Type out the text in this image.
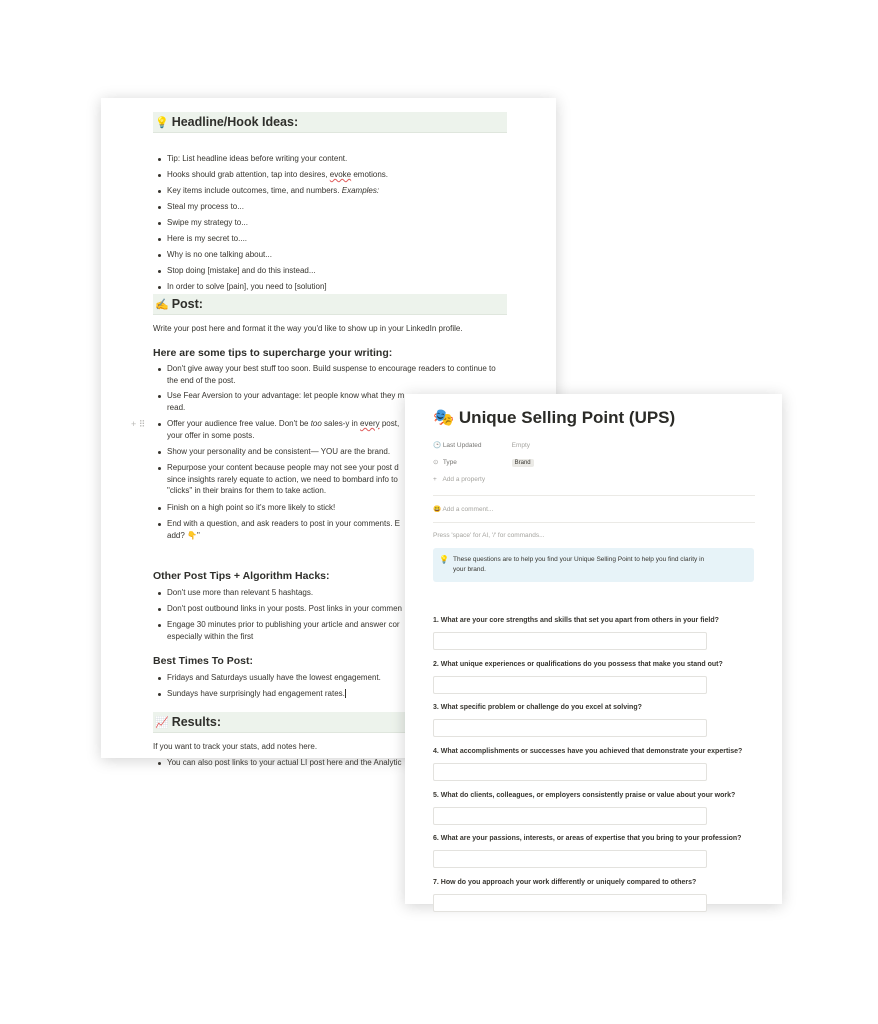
💡 Headline/Hook Ideas:
Tip: List headline ideas before writing your content.
Hooks should grab attention, tap into desires, evoke emotions.
Key items include outcomes, time, and numbers. Examples:
Steal my process to...
Swipe my strategy to...
Here is my secret to....
Why is no one talking about...
Stop doing [mistake] and do this instead...
In order to solve [pain], you need to [solution]
✍️ Post:
Write your post here and format it the way you'd like to show up in your LinkedIn profile.
Here are some tips to supercharge your writing:
Don't give away your best stuff too soon. Build suspense to encourage readers to continue to
the end of the post.
Use Fear Aversion to your advantage: let people know what they m
read.
Offer your audience free value. Don't be too sales-y in every post,
your offer in some posts.
Show your personality and be consistent— YOU are the brand.
Repurpose your content because people may not see your post d
since insights rarely equate to action, we need to bombard info to
"clicks" in their brains for them to take action.
Finish on a high point so it's more likely to stick!
End with a question, and ask readers to post in your comments. E
add? 👇"
+ ⠿
Other Post Tips + Algorithm Hacks:
Don't use more than relevant 5 hashtags.
Don't post outbound links in your posts. Post links in your commen
Engage 30 minutes prior to publishing your article and answer cor
especially within the first
Best Times To Post:
Fridays and Saturdays usually have the lowest engagement.
Sundays have surprisingly had engagement rates.
📈 Results:
If you want to track your stats, add notes here.
You can also post links to your actual LI post here and the Analytic
🎭 Unique Selling Point (UPS)
🕒 Last Updated	Empty
⊙ Type	Brand
+ Add a property
😃 Add a comment...
Press 'space' for AI, '/' for commands...
💡 These questions are to help you find your Unique Selling Point to help you find clarity in
your brand.
1. What are your core strengths and skills that set you apart from others in your field?
2. What unique experiences or qualifications do you possess that make you stand out?
3. What specific problem or challenge do you excel at solving?
4. What accomplishments or successes have you achieved that demonstrate your expertise?
5. What do clients, colleagues, or employers consistently praise or value about your work?
6. What are your passions, interests, or areas of expertise that you bring to your profession?
7. How do you approach your work differently or uniquely compared to others?
